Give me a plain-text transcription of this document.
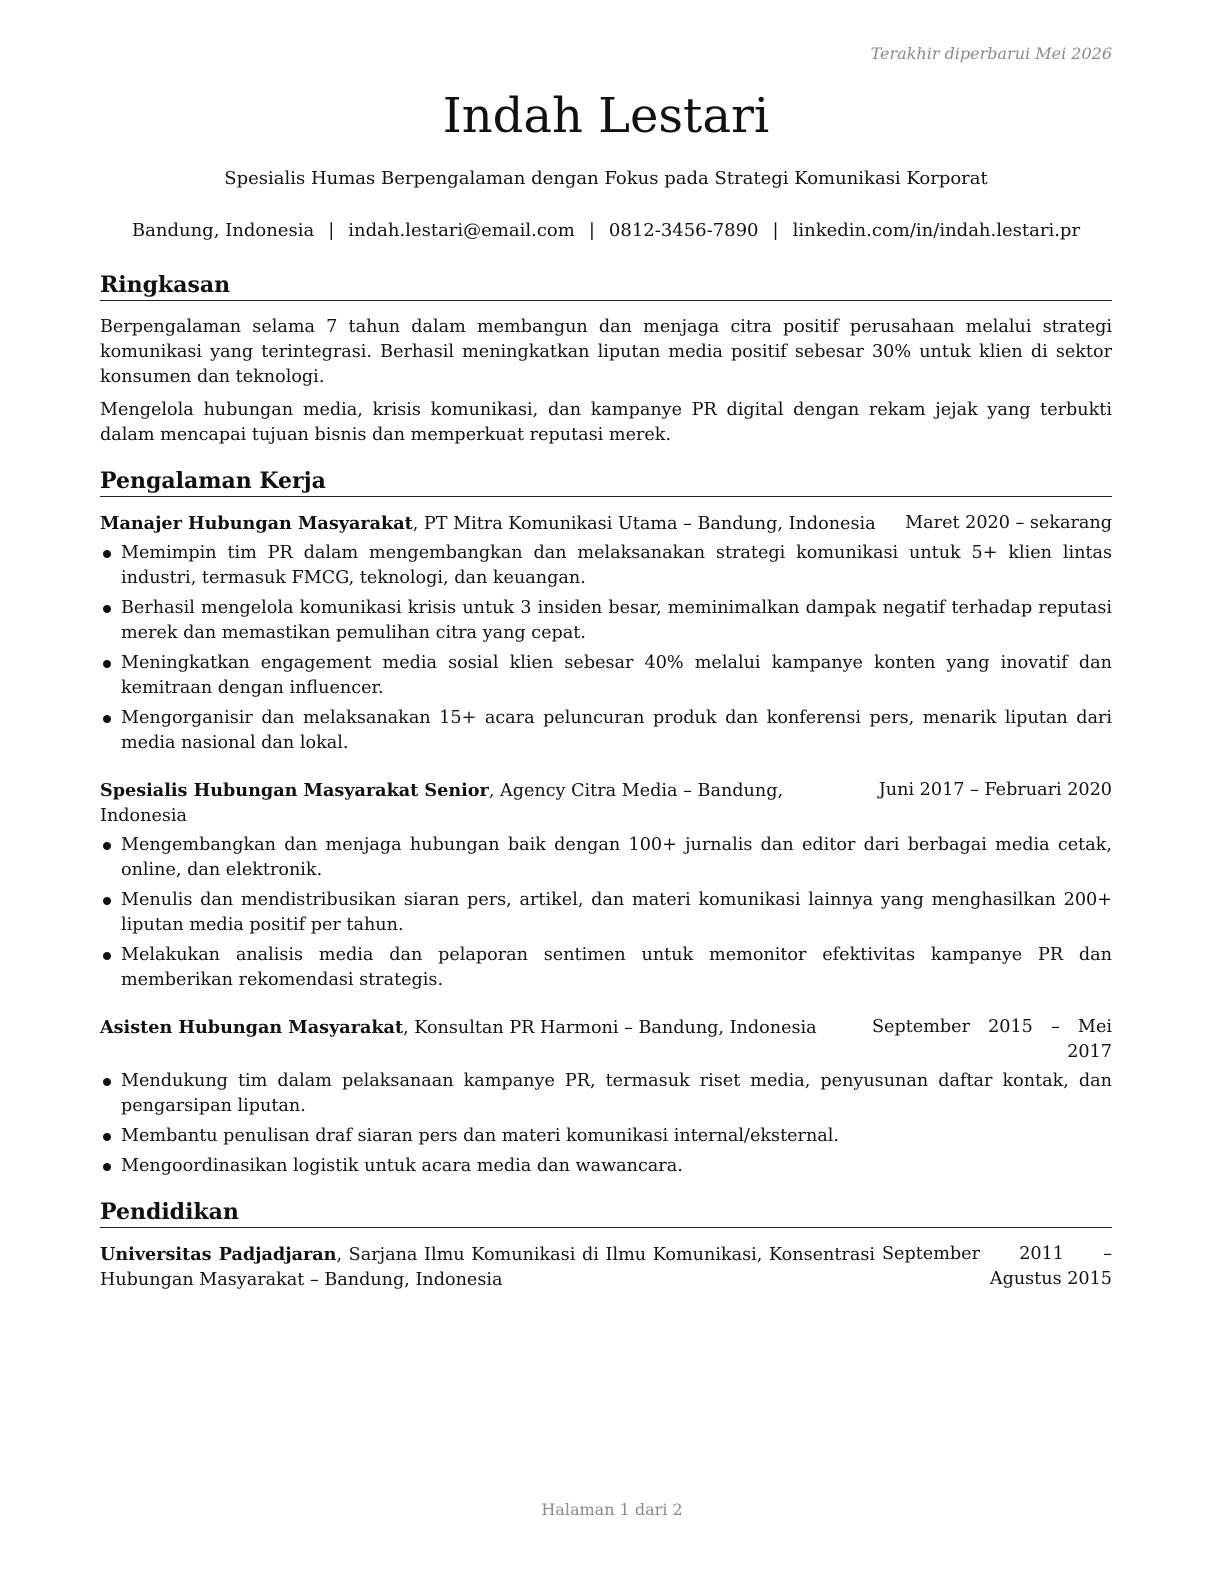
Terakhir diperbarui Mei 2026
Indah Lestari
Spesialis Humas Berpengalaman dengan Fokus pada Strategi Komunikasi Korporat
Bandung, Indonesia | indah.lestari@email.com | 0812-3456-7890 | linkedin.com/in/indah.lestari.pr
Ringkasan

Berpengalaman selama 7 tahun dalam membangun dan menjaga citra positif perusahaan melalui strategi komunikasi yang terintegrasi. Berhasil meningkatkan liputan media positif sebesar 30% untuk klien di sektor konsumen dan teknologi.

Mengelola hubungan media, krisis komunikasi, dan kampanye PR digital dengan rekam jejak yang terbukti dalam mencapai tujuan bisnis dan memperkuat reputasi merek.

Pengalaman Kerja
Manajer Hubungan Masyarakat, PT Mitra Komunikasi Utama – Bandung, Indonesia	Maret 2020 – sekarang
Memimpin tim PR dalam mengembangkan dan melaksanakan strategi komunikasi untuk 5+ klien lintas industri, termasuk FMCG, teknologi, dan keuangan.
Berhasil mengelola komunikasi krisis untuk 3 insiden besar, meminimalkan dampak negatif terhadap reputasi merek dan memastikan pemulihan citra yang cepat.
Meningkatkan engagement media sosial klien sebesar 40% melalui kampanye konten yang inovatif dan kemitraan dengan influencer.
Mengorganisir dan melaksanakan 15+ acara peluncuran produk dan konferensi pers, menarik liputan dari media nasional dan lokal.
Spesialis Hubungan Masyarakat Senior, Agency Citra Media – Bandung, Indonesia
Juni 2017 – Februari 2020
Mengembangkan dan menjaga hubungan baik dengan 100+ jurnalis dan editor dari berbagai media cetak, online, dan elektronik.
Menulis dan mendistribusikan siaran pers, artikel, dan materi komunikasi lainnya yang menghasilkan 200+ liputan media positif per tahun.
Melakukan analisis media dan pelaporan sentimen untuk memonitor efektivitas kampanye PR dan memberikan rekomendasi strategis.
Asisten Hubungan Masyarakat, Konsultan PR Harmoni – Bandung, Indonesia	September 2015 – Mei 2017
Mendukung tim dalam pelaksanaan kampanye PR, termasuk riset media, penyusunan daftar kontak, dan pengarsipan liputan.
Membantu penulisan draf siaran pers dan materi komunikasi internal/eksternal.
Mengoordinasikan logistik untuk acara media dan wawancara.
Pendidikan
Universitas Padjadjaran, Sarjana Ilmu Komunikasi di Ilmu Komunikasi, Konsentrasi Hubungan Masyarakat – Bandung, Indonesia
September 2011 – Agustus 2015
Halaman 1 dari 2
